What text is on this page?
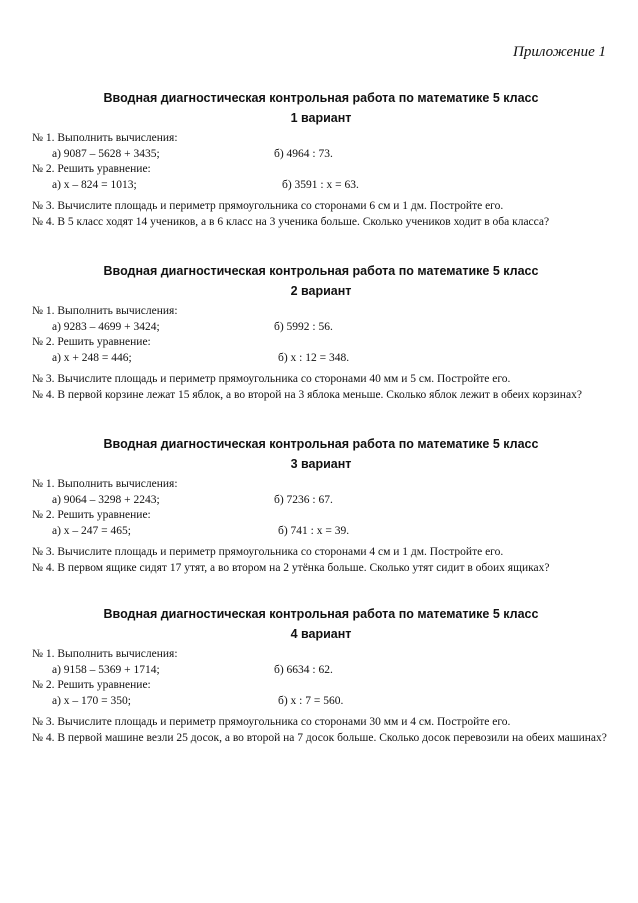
Приложение 1
Вводная диагностическая контрольная работа по математике 5 класс
1 вариант
№ 1. Выполнить вычисления:
а) 9087 – 5628 + 3435;	б) 4964 : 73.
№ 2. Решить уравнение:
а) х – 824 = 1013;	б) 3591 : х = 63.
№ 3. Вычислите площадь и периметр прямоугольника со сторонами 6 см и 1 дм. Постройте его.
№ 4. В 5 класс ходят 14 учеников, а в 6 класс на 3 ученика больше. Сколько учеников ходит в оба класса?
Вводная диагностическая контрольная работа по математике 5 класс
2 вариант
№ 1. Выполнить вычисления:
а) 9283 – 4699 + 3424;	б) 5992 : 56.
№ 2. Решить уравнение:
а) х + 248 = 446;	б) х : 12 = 348.
№ 3. Вычислите площадь и периметр прямоугольника со сторонами 40 мм и 5 см. Постройте его.
№ 4. В первой корзине лежат 15 яблок, а во второй на 3 яблока меньше. Сколько яблок лежит в обеих корзинах?
Вводная диагностическая контрольная работа по математике 5 класс
3 вариант
№ 1. Выполнить вычисления:
а) 9064 – 3298 + 2243;	б) 7236 : 67.
№ 2. Решить уравнение:
а) х – 247 = 465;	б) 741 : х = 39.
№ 3. Вычислите площадь и периметр прямоугольника со сторонами 4 см и 1 дм. Постройте его.
№ 4. В первом ящике сидят 17 утят, а во втором на 2 утёнка больше. Сколько утят сидит в обоих ящиках?
Вводная диагностическая контрольная работа по математике 5 класс
4 вариант
№ 1. Выполнить вычисления:
а) 9158 – 5369 + 1714;	б) 6634 : 62.
№ 2. Решить уравнение:
а) х – 170 = 350;	б) х : 7 = 560.
№ 3. Вычислите площадь и периметр прямоугольника со сторонами 30 мм и 4 см. Постройте его.
№ 4. В первой машине везли 25 досок, а во второй на 7 досок больше. Сколько досок перевозили на обеих машинах?
